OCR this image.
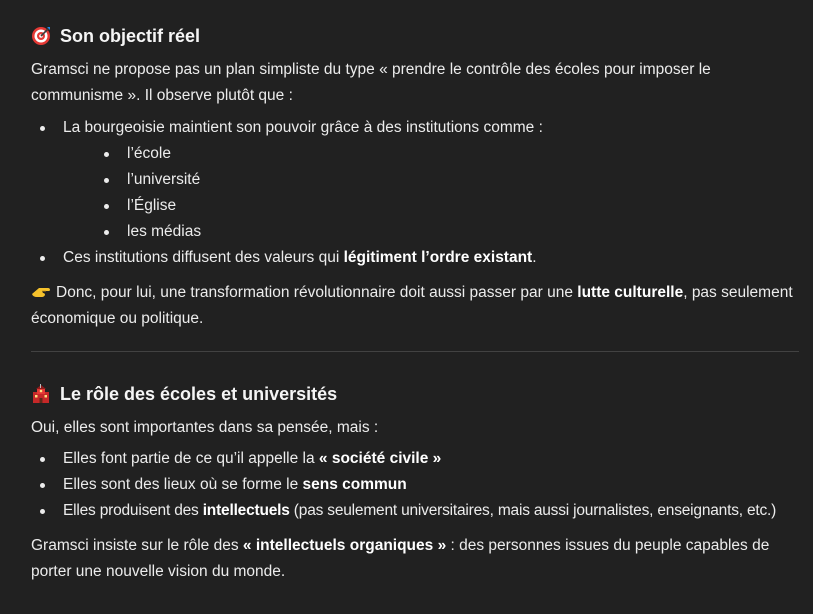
Son objectif réel

Gramsci ne propose pas un plan simpliste du type « prendre le contrôle des écoles pour imposer le communisme ». Il observe plutôt que :

La bourgeoisie maintient son pouvoir grâce à des institutions comme :
l’école
l’université
l’Église
les médias
Ces institutions diffusent des valeurs qui légitiment l’ordre existant.

Donc, pour lui, une transformation révolutionnaire doit aussi passer par une lutte culturelle, pas seulement économique ou politique.

Le rôle des écoles et universités

Oui, elles sont importantes dans sa pensée, mais :

Elles font partie de ce qu’il appelle la « société civile »
Elles sont des lieux où se forme le sens commun
Elles produisent des intellectuels (pas seulement universitaires, mais aussi journalistes, enseignants, etc.)

Gramsci insiste sur le rôle des « intellectuels organiques » : des personnes issues du peuple capables de porter une nouvelle vision du monde.
